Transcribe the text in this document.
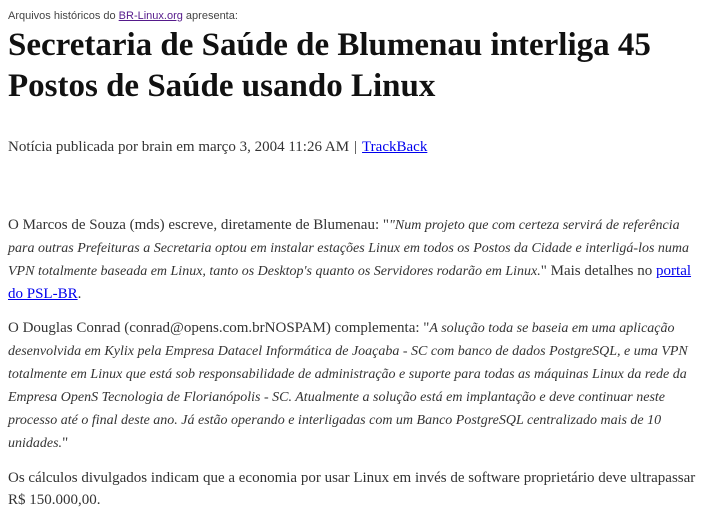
Arquivos históricos do BR-Linux.org apresenta:
Secretaria de Saúde de Blumenau interliga 45 Postos de Saúde usando Linux
Notícia publicada por brain em março 3, 2004 11:26 AM | TrackBack

O Marcos de Souza (mds) escreve, diretamente de Blumenau: ""Num projeto que com certeza servirá de referência para outras Prefeituras a Secretaria optou em instalar estações Linux em todos os Postos da Cidade e interligá-los numa VPN totalmente baseada em Linux, tanto os Desktop's quanto os Servidores rodarão em Linux." Mais detalhes no portal do PSL-BR.

O Douglas Conrad (conrad@opens.com.brNOSPAM) complementa: "A solução toda se baseia em uma aplicação desenvolvida em Kylix pela Empresa Datacel Informática de Joaçaba - SC com banco de dados PostgreSQL, e uma VPN totalmente em Linux que está sob responsabilidade de administração e suporte para todas as máquinas Linux da rede da Empresa OpenS Tecnologia de Florianópolis - SC. Atualmente a solução está em implantação e deve continuar neste processo até o final deste ano. Já estão operando e interligadas com um Banco PostgreSQL centralizado mais de 10 unidades."

Os cálculos divulgados indicam que a economia por usar Linux em invés de software proprietário deve ultrapassar R$ 150.000,00.
